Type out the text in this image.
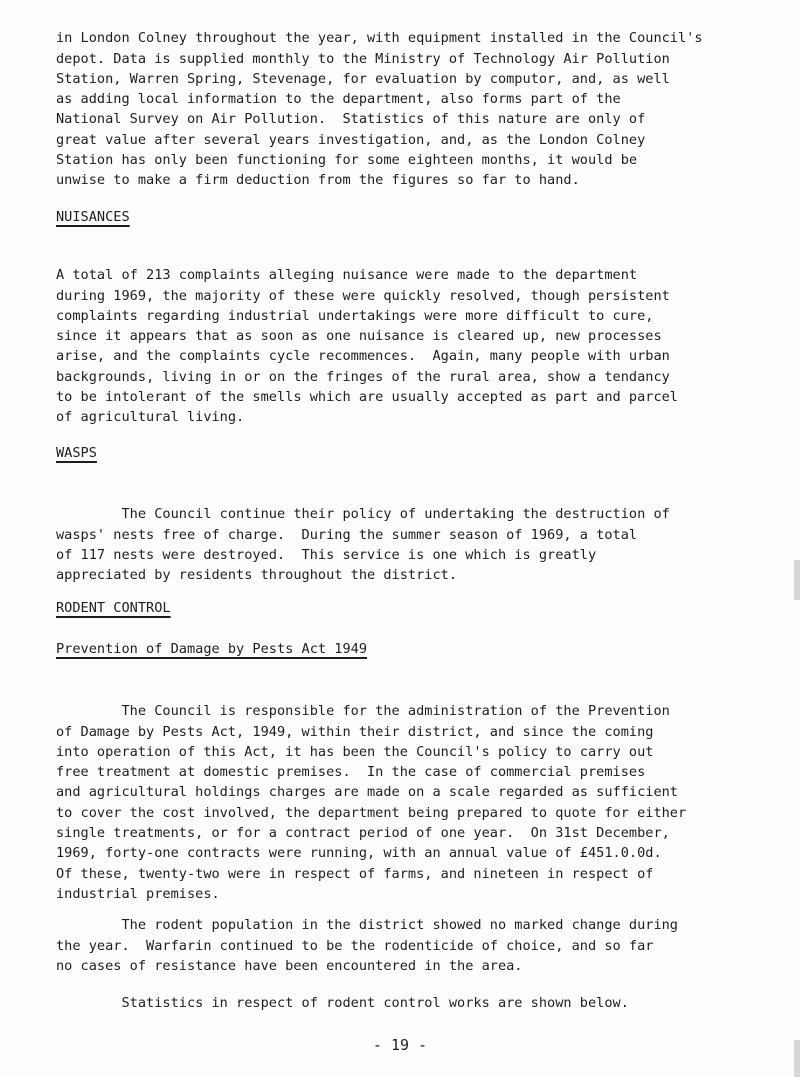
in London Colney throughout the year, with equipment installed in the Council's
depot. Data is supplied monthly to the Ministry of Technology Air Pollution
Station, Warren Spring, Stevenage, for evaluation by computor, and, as well
as adding local information to the department, also forms part of the
National Survey on Air Pollution.  Statistics of this nature are only of
great value after several years investigation, and, as the London Colney
Station has only been functioning for some eighteen months, it would be
unwise to make a firm deduction from the figures so far to hand.

NUISANCES

A total of 213 complaints alleging nuisance were made to the department
during 1969, the majority of these were quickly resolved, though persistent
complaints regarding industrial undertakings were more difficult to cure,
since it appears that as soon as one nuisance is cleared up, new processes
arise, and the complaints cycle recommences.  Again, many people with urban
backgrounds, living in or on the fringes of the rural area, show a tendancy
to be intolerant of the smells which are usually accepted as part and parcel
of agricultural living.

WASPS

The Council continue their policy of undertaking the destruction of
wasps' nests free of charge.  During the summer season of 1969, a total
of 117 nests were destroyed.  This service is one which is greatly
appreciated by residents throughout the district.

RODENT CONTROL
Prevention of Damage by Pests Act 1949

The Council is responsible for the administration of the Prevention
of Damage by Pests Act, 1949, within their district, and since the coming
into operation of this Act, it has been the Council's policy to carry out
free treatment at domestic premises.  In the case of commercial premises
and agricultural holdings charges are made on a scale regarded as sufficient
to cover the cost involved, the department being prepared to quote for either
single treatments, or for a contract period of one year.  On 31st December,
1969, forty-one contracts were running, with an annual value of £451.0.0d.
Of these, twenty-two were in respect of farms, and nineteen in respect of
industrial premises.

The rodent population in the district showed no marked change during
the year.  Warfarin continued to be the rodenticide of choice, and so far
no cases of resistance have been encountered in the area.

Statistics in respect of rodent control works are shown below.

- 19 -
